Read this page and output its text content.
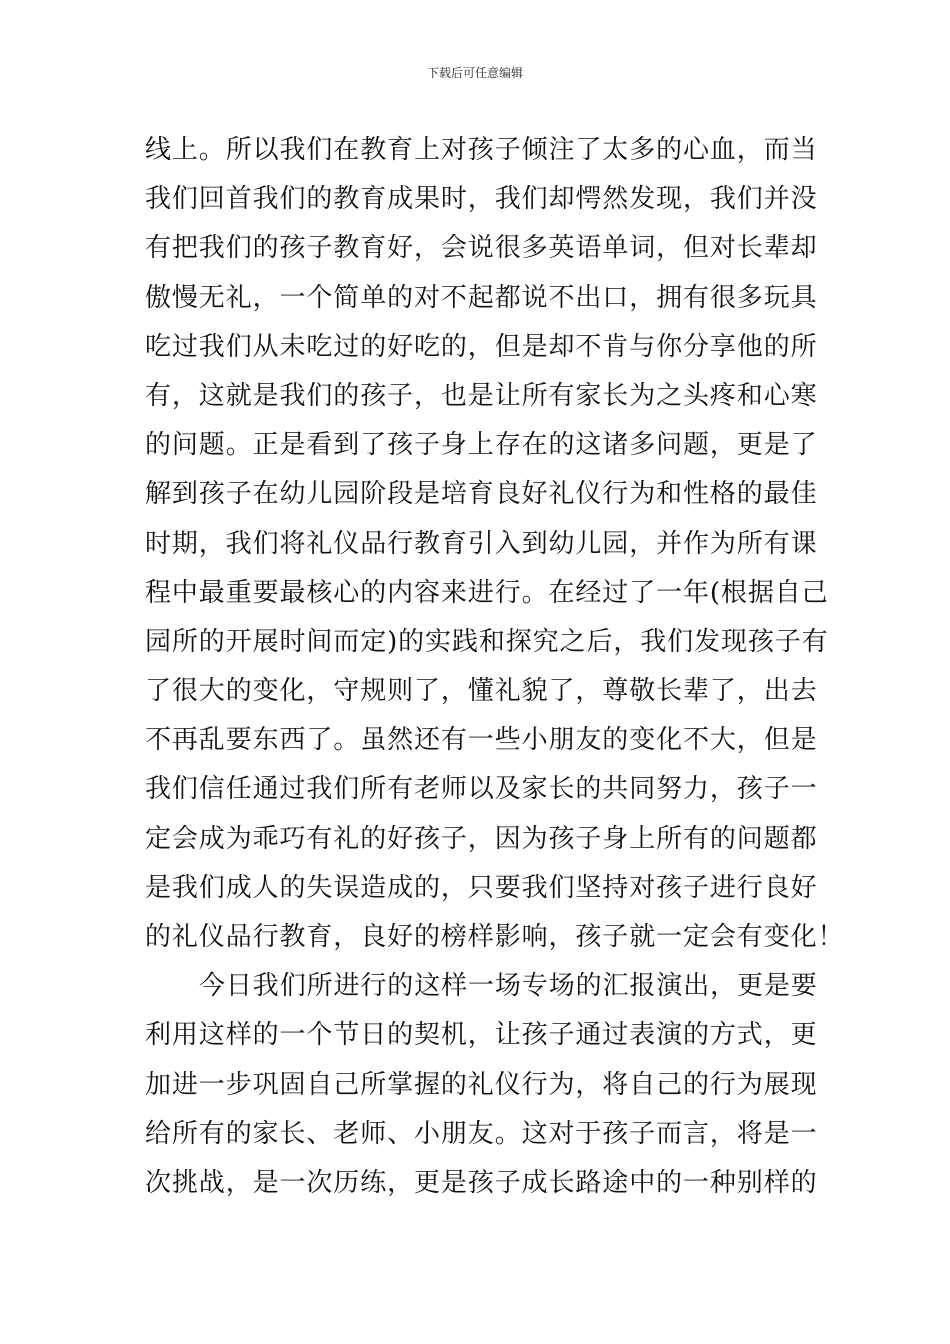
下载后可任意编辑
线上。所以我们在教育上对孩子倾注了太多的心血，而当
我们回首我们的教育成果时，我们却愕然发现，我们并没
有把我们的孩子教育好，会说很多英语单词，但对长辈却
傲慢无礼，一个简单的对不起都说不出口，拥有很多玩具
吃过我们从未吃过的好吃的，但是却不肯与你分享他的所
有，这就是我们的孩子，也是让所有家长为之头疼和心寒
的问题。正是看到了孩子身上存在的这诸多问题，更是了
解到孩子在幼儿园阶段是培育良好礼仪行为和性格的最佳
时期，我们将礼仪品行教育引入到幼儿园，并作为所有课
程中最重要最核心的内容来进行。在经过了一年(根据自己
园所的开展时间而定)的实践和探究之后，我们发现孩子有
了很大的变化，守规则了，懂礼貌了，尊敬长辈了，出去
不再乱要东西了。虽然还有一些小朋友的变化不大，但是
我们信任通过我们所有老师以及家长的共同努力，孩子一
定会成为乖巧有礼的好孩子，因为孩子身上所有的问题都
是我们成人的失误造成的，只要我们坚持对孩子进行良好
的礼仪品行教育，良好的榜样影响，孩子就一定会有变化！
今日我们所进行的这样一场专场的汇报演出，更是要
利用这样的一个节日的契机，让孩子通过表演的方式，更
加进一步巩固自己所掌握的礼仪行为，将自己的行为展现
给所有的家长、老师、小朋友。这对于孩子而言，将是一
次挑战，是一次历练，更是孩子成长路途中的一种别样的
